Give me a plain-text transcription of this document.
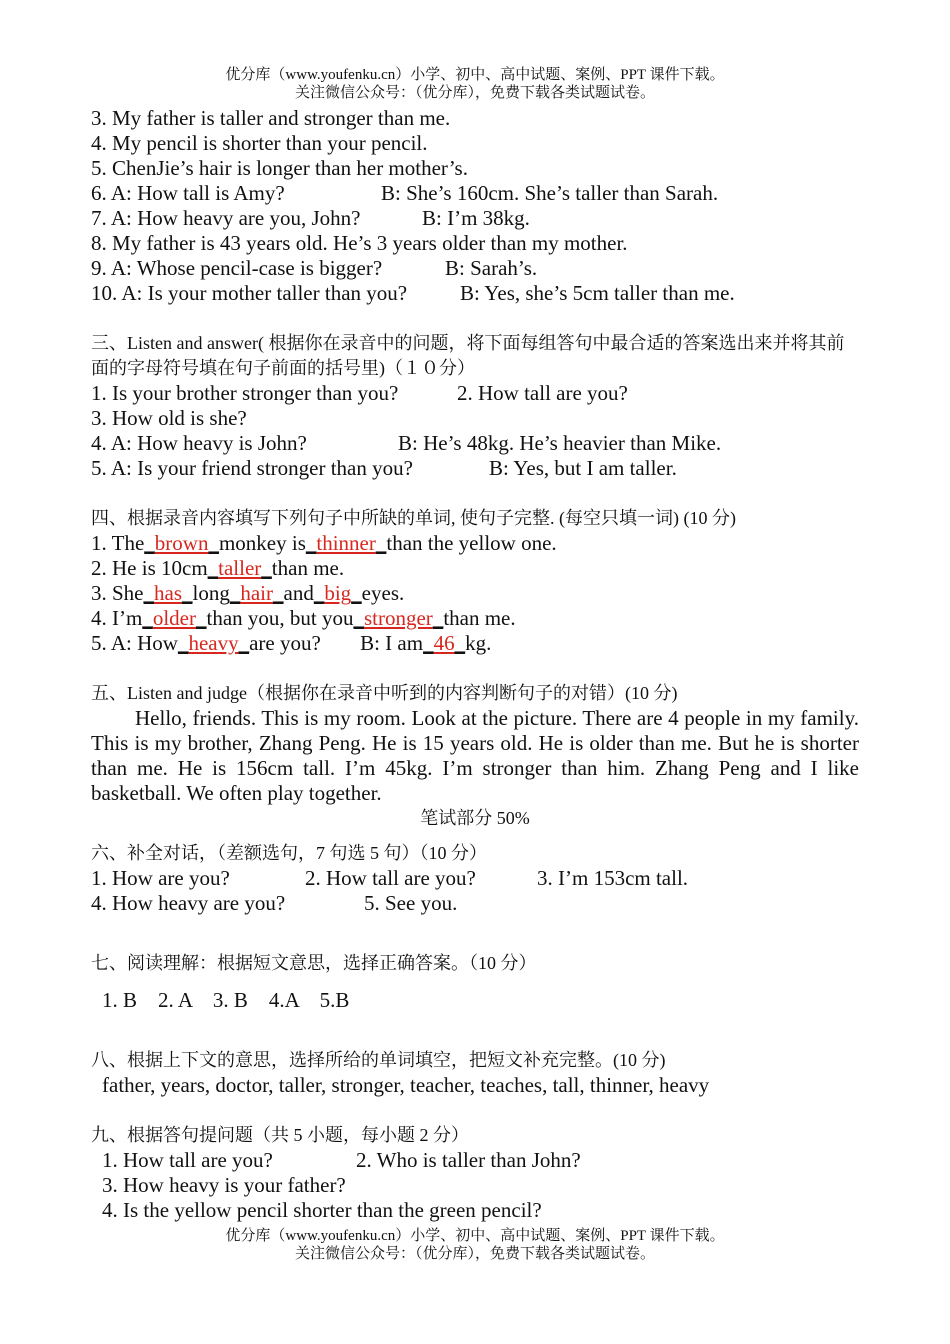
优分库（www.youfenku.cn）小学、初中、高中试题、案例、PPT 课件下载。
关注微信公众号：（优分库），免费下载各类试题试卷。
3. My father is taller and stronger than me.
4. My pencil is shorter than your pencil.
5. ChenJie’s hair is longer than her mother’s.
6. A: How tall is Amy?	B: She’s 160cm. She’s taller than Sarah.
7. A: How heavy are you, John?	B: I’m 38kg.
8. My father is 43 years old. He’s 3 years older than my mother.
9. A: Whose pencil-case is bigger?	B: Sarah’s.
10. A: Is your mother taller than you?	B: Yes, she’s 5cm taller than me.
三、Listen and answer( 根据你在录音中的问题，将下面每组答句中最合适的答案选出来并将其前面的字母符号填在句子前面的括号里)（１０分）
1. Is your brother stronger than you?	2. How tall are you?
3. How old is she?
4. A: How heavy is John?	B: He’s 48kg. He’s heavier than Mike.
5. A: Is your friend stronger than you?	B: Yes, but I am taller.
四、根据录音内容填写下列句子中所缺的单词, 使句子完整. (每空只填一词) (10 分)
1. The_brown_monkey is_thinner_than the yellow one.
2. He is 10cm_taller_than me.
3. She_has_long_hair_and_big_eyes.
4. I’m_older_than you, but you_stronger_than me.
5. A: How_heavy_are you? B: I am_46_kg.
五、Listen and judge（根据你在录音中听到的内容判断句子的对错）(10 分)
Hello, friends. This is my room. Look at the picture. There are 4 people in my family. This is my brother, Zhang Peng. He is 15 years old. He is older than me. But he is shorter than me. He is 156cm tall. I’m 45kg. I’m stronger than him. Zhang Peng and I like basketball. We often play together.
笔试部分 50%
六、补全对话，（差额选句，7 句选 5 句）（10 分）
1. How are you?	2. How tall are you?	3. I’m 153cm tall.
4. How heavy are you?	5. See you.
七、阅读理解：根据短文意思，选择正确答案。（10 分）
1. B    2. A    3. B    4.A    5.B
八、根据上下文的意思，选择所给的单词填空，把短文补充完整。(10 分)
father, years, doctor, taller, stronger, teacher, teaches, tall, thinner, heavy
九、根据答句提问题（共 5 小题，每小题 2 分）
1. How tall are you?	2. Who is taller than John?
3. How heavy is your father?
4. Is the yellow pencil shorter than the green pencil?
优分库（www.youfenku.cn）小学、初中、高中试题、案例、PPT 课件下载。
关注微信公众号：（优分库），免费下载各类试题试卷。
